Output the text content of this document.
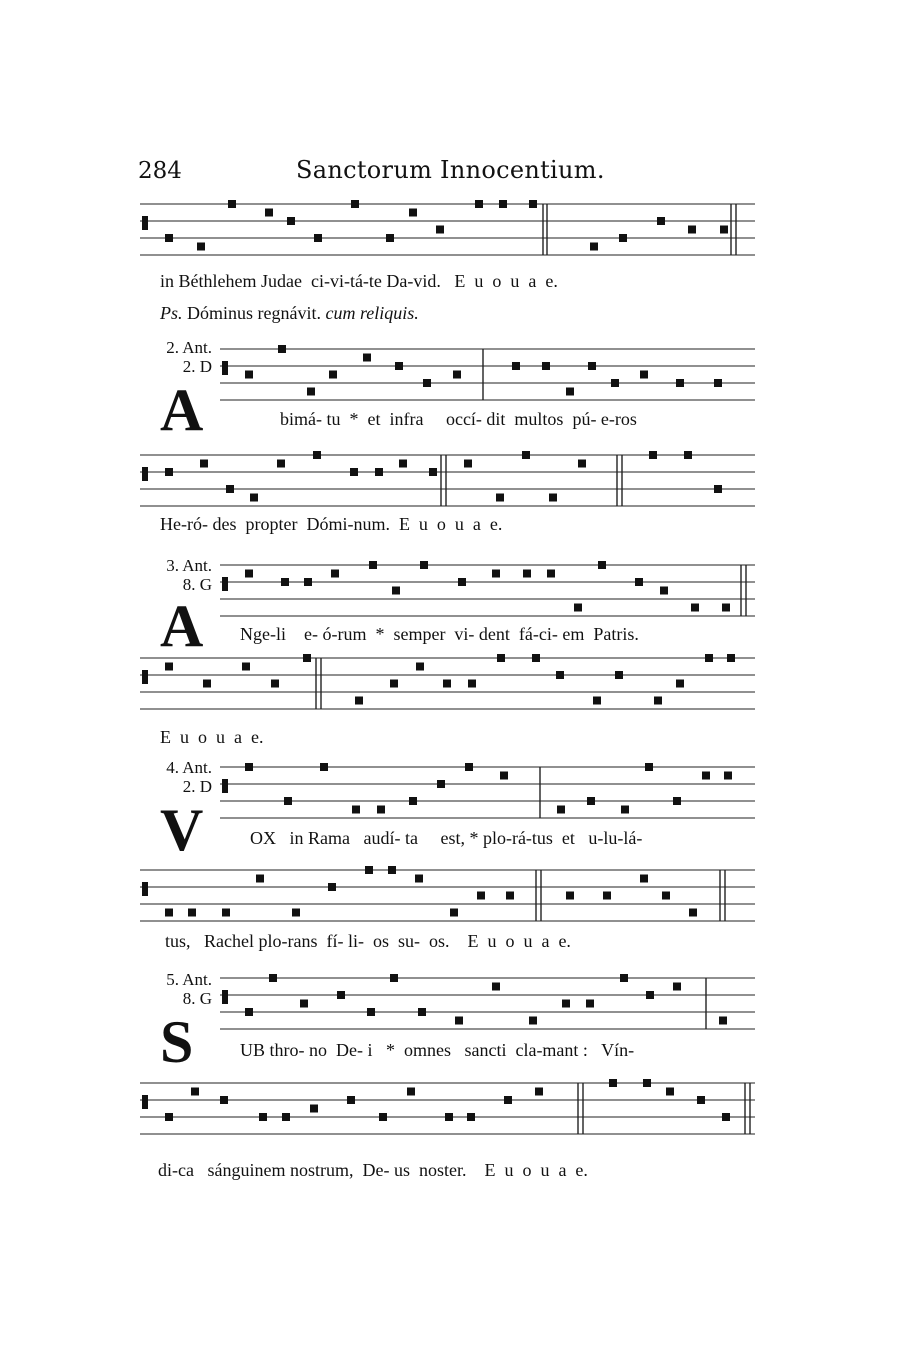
284	Sanctorum Innocentium.
in Béthlehem Judae  ci-vi-tá-te Da-vid.   E  u  o  u  a  e.
Ps. Dóminus regnávit. cum reliquis.
2. Ant.
2. D
A	bimá- tu  *  et  infra     occí- dit  multos  pú- e-ros
He-ró- des  propter  Dómi-num.  E  u  o  u  a  e.
3. Ant.
8. G
A Nge-li    e- ó-rum  *  semper  vi- dent  fá-ci- em  Patris.
E  u  o  u  a  e.
4. Ant.
2. D
V	OX   in Rama   audí- ta     est, * plo-rá-tus  et   u-lu-lá-
tus,   Rachel plo-rans  fí- li-  os  su-  os.    E  u  o  u  a  e.
5. Ant.
8. G
S	UB thro- no  De- i   *  omnes   sancti  cla-mant :   Vín-
di-ca   sánguinem nostrum,  De- us  noster.    E  u  o  u  a  e.
